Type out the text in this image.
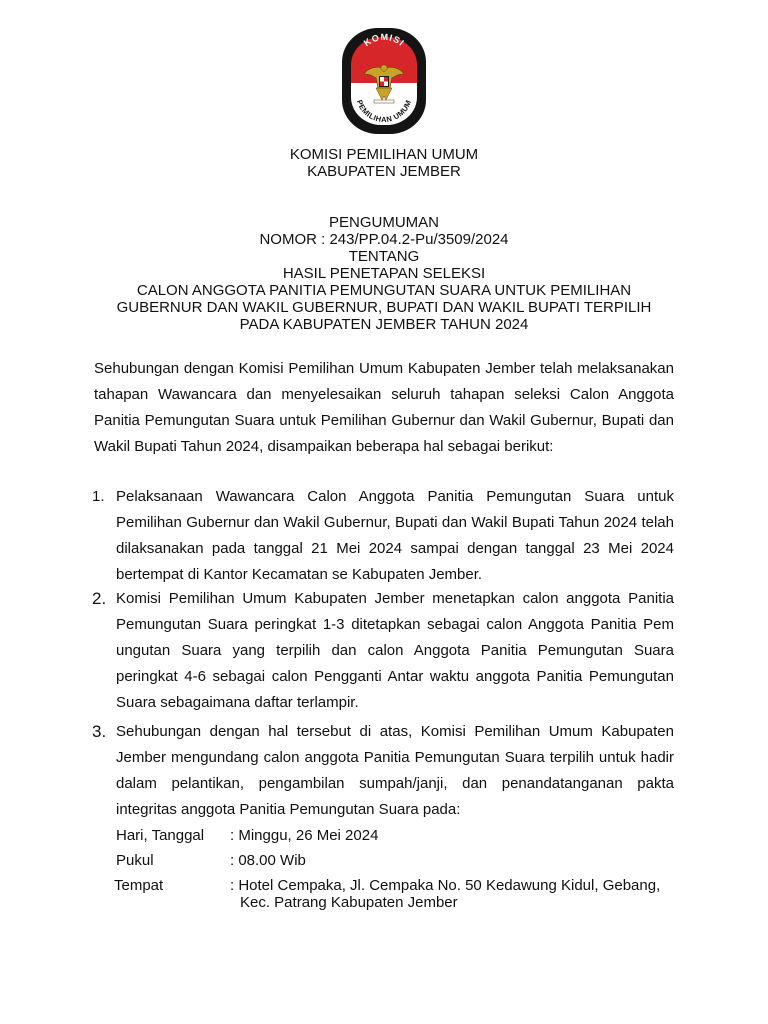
KOMISI
PEMILIHAN UMUM
KOMISI PEMILIHAN UMUM
KABUPATEN JEMBER
PENGUMUMAN
NOMOR : 243/PP.04.2-Pu/3509/2024
TENTANG
HASIL PENETAPAN SELEKSI
CALON ANGGOTA PANITIA PEMUNGUTAN SUARA UNTUK PEMILIHAN
GUBERNUR DAN WAKIL GUBERNUR, BUPATI DAN WAKIL BUPATI TERPILIH
PADA KABUPATEN JEMBER TAHUN 2024
Sehubungan dengan Komisi Pemilihan Umum Kabupaten Jember telah melaksanakan tahapan Wawancara dan menyelesaikan seluruh tahapan seleksi Calon Anggota Panitia Pemungutan Suara untuk Pemilihan Gubernur dan Wakil Gubernur, Bupati dan Wakil Bupati Tahun 2024, disampaikan beberapa hal sebagai berikut:
1. Pelaksanaan Wawancara Calon Anggota Panitia Pemungutan Suara untuk Pemilihan Gubernur dan Wakil Gubernur, Bupati dan Wakil Bupati Tahun 2024 telah dilaksanakan pada tanggal 21 Mei 2024 sampai dengan tanggal 23 Mei 2024 bertempat di Kantor Kecamatan se Kabupaten Jember.
2. Komisi Pemilihan Umum Kabupaten Jember menetapkan calon anggota Panitia Pemungutan Suara peringkat 1-3 ditetapkan sebagai calon Anggota Panitia Pem ungutan Suara yang terpilih dan calon Anggota Panitia Pemungutan Suara peringkat 4-6 sebagai calon Pengganti Antar waktu anggota Panitia Pemungutan Suara sebagaimana daftar terlampir.
3. Sehubungan dengan hal tersebut di atas, Komisi Pemilihan Umum Kabupaten Jember mengundang calon anggota Panitia Pemungutan Suara terpilih untuk hadir dalam pelantikan, pengambilan sumpah/janji, dan penandatanganan pakta integritas anggota Panitia Pemungutan Suara pada:
Hari, Tanggal : Minggu, 26 Mei 2024
Pukul	: 08.00 Wib
Tempat	: Hotel Cempaka, Jl. Cempaka No. 50 Kedawung Kidul, Gebang,
Kec. Patrang Kabupaten Jember
